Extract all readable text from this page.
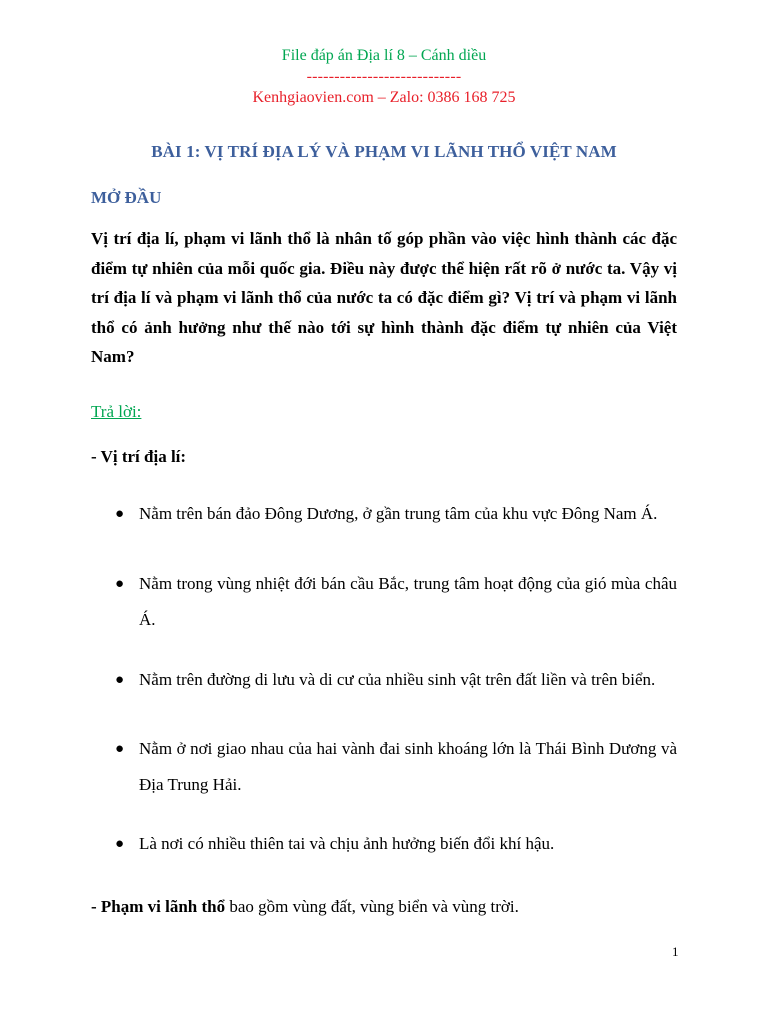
File đáp án Địa lí 8 – Cánh diều
----------------------------
Kenhgiaovien.com – Zalo: 0386 168 725
BÀI 1: VỊ TRÍ ĐỊA LÝ VÀ PHẠM VI LÃNH THỔ VIỆT NAM
MỞ ĐẦU
Vị trí địa lí, phạm vi lãnh thổ là nhân tố góp phần vào việc hình thành các đặc điểm tự nhiên của mỗi quốc gia. Điều này được thể hiện rất rõ ở nước ta. Vậy vị trí địa lí và phạm vi lãnh thổ của nước ta có đặc điểm gì? Vị trí và phạm vi lãnh thổ có ảnh hưởng như thế nào tới sự hình thành đặc điểm tự nhiên của Việt Nam?
Trả lời:
- Vị trí địa lí:
● Nằm trên bán đảo Đông Dương, ở gần trung tâm của khu vực Đông Nam Á.
● Nằm trong vùng nhiệt đới bán cầu Bắc, trung tâm hoạt động của gió mùa châu Á.
● Nằm trên đường di lưu và di cư của nhiều sinh vật trên đất liền và trên biển.
● Nằm ở nơi giao nhau của hai vành đai sinh khoáng lớn là Thái Bình Dương và Địa Trung Hải.
● Là nơi có nhiều thiên tai và chịu ảnh hưởng biến đổi khí hậu.
- Phạm vi lãnh thổ bao gồm vùng đất, vùng biển và vùng trời.
1
